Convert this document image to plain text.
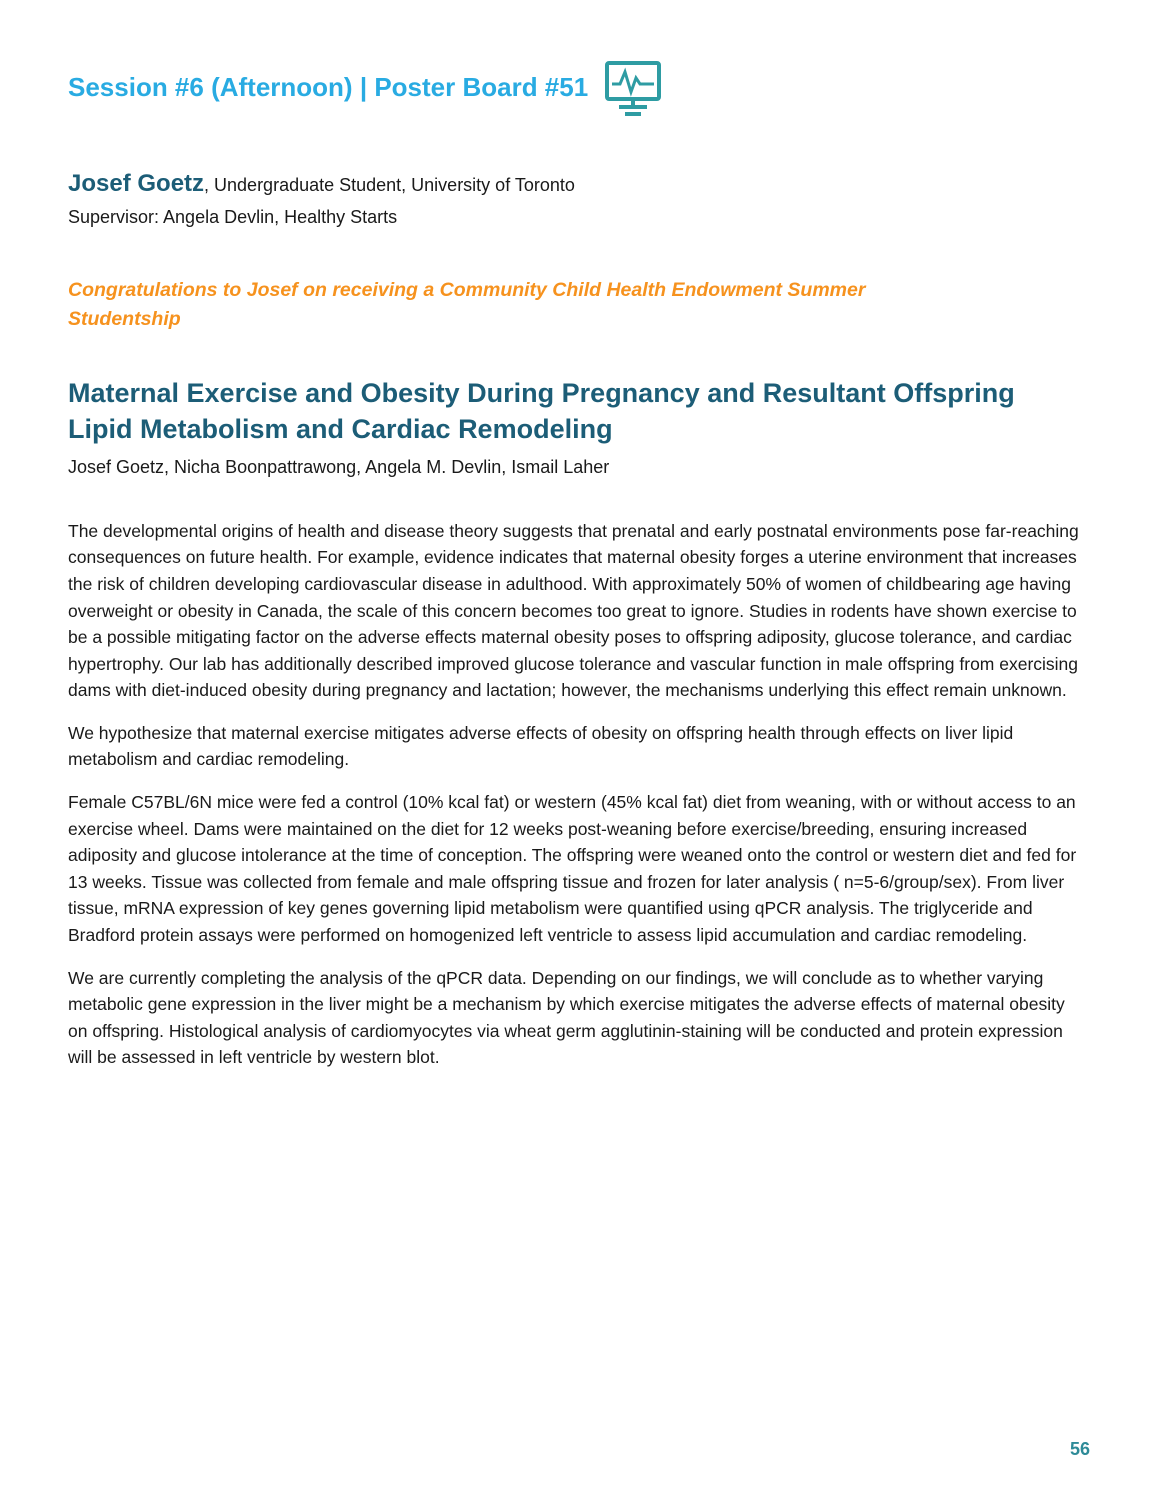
Session #6 (Afternoon) | Poster Board #51
Josef Goetz, Undergraduate Student, University of Toronto
Supervisor: Angela Devlin, Healthy Starts
Congratulations to Josef on receiving a Community Child Health Endowment Summer Studentship
Maternal Exercise and Obesity During Pregnancy and Resultant Offspring Lipid Metabolism and Cardiac Remodeling
Josef Goetz, Nicha Boonpattrawong, Angela M. Devlin, Ismail Laher

The developmental origins of health and disease theory suggests that prenatal and early postnatal environments pose far-reaching consequences on future health. For example, evidence indicates that maternal obesity forges a uterine environment that increases the risk of children developing cardiovascular disease in adulthood. With approximately 50% of women of childbearing age having overweight or obesity in Canada, the scale of this concern becomes too great to ignore. Studies in rodents have shown exercise to be a possible mitigating factor on the adverse effects maternal obesity poses to offspring adiposity, glucose tolerance, and cardiac hypertrophy. Our lab has additionally described improved glucose tolerance and vascular function in male offspring from exercising dams with diet-induced obesity during pregnancy and lactation; however, the mechanisms underlying this effect remain unknown.

We hypothesize that maternal exercise mitigates adverse effects of obesity on offspring health through effects on liver lipid metabolism and cardiac remodeling.

Female C57BL/6N mice were fed a control (10% kcal fat) or western (45% kcal fat) diet from weaning, with or without access to an exercise wheel. Dams were maintained on the diet for 12 weeks post-weaning before exercise/breeding, ensuring increased adiposity and glucose intolerance at the time of conception. The offspring were weaned onto the control or western diet and fed for 13 weeks. Tissue was collected from female and male offspring tissue and frozen for later analysis ( n=5-6/group/sex). From liver tissue, mRNA expression of key genes governing lipid metabolism were quantified using qPCR analysis. The triglyceride and Bradford protein assays were performed on homogenized left ventricle to assess lipid accumulation and cardiac remodeling.

We are currently completing the analysis of the qPCR data. Depending on our findings, we will conclude as to whether varying metabolic gene expression in the liver might be a mechanism by which exercise mitigates the adverse effects of maternal obesity on offspring. Histological analysis of cardiomyocytes via wheat germ agglutinin-staining will be conducted and protein expression will be assessed in left ventricle by western blot.

56
